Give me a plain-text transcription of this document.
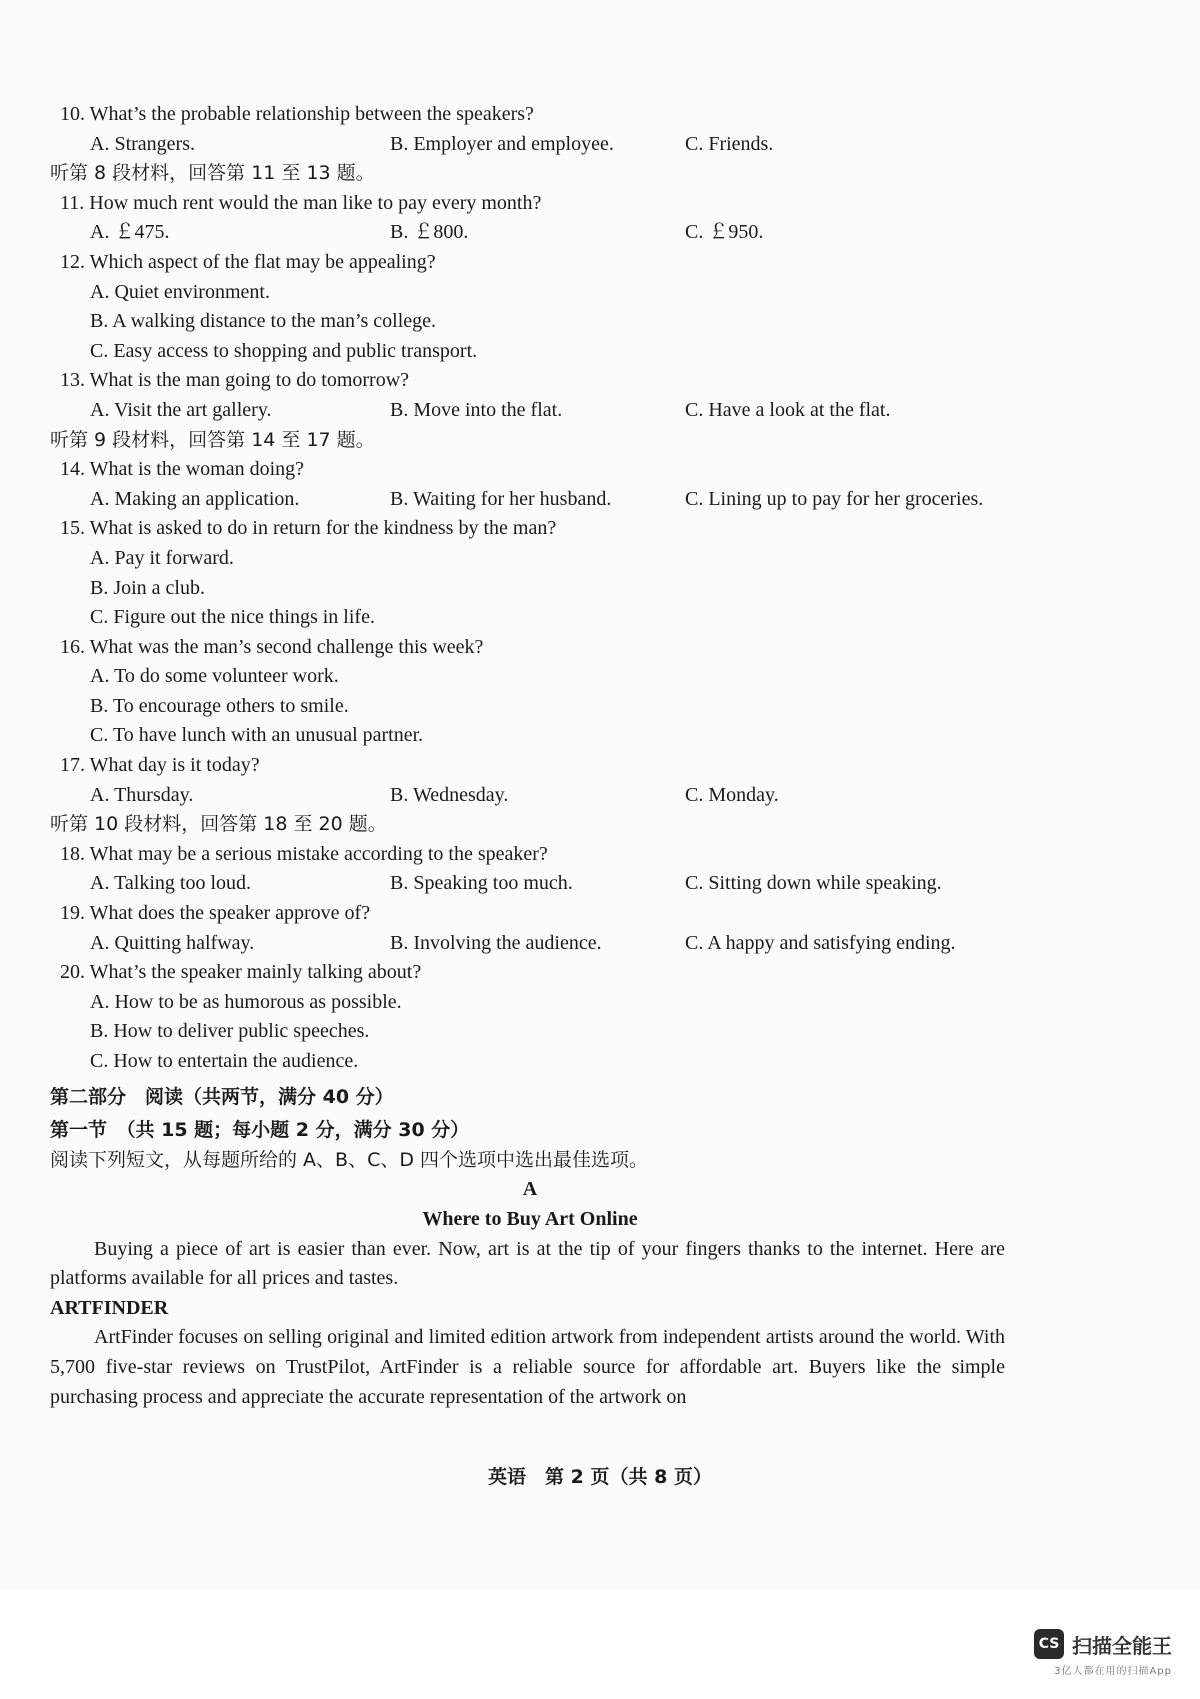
10. What’s the probable relationship between the speakers?
A. Strangers.	B. Employer and employee.	C. Friends.
听第 8 段材料，回答第 11 至 13 题。
11. How much rent would the man like to pay every month?
A. ￡475.	B. ￡800.	C. ￡950.
12. Which aspect of the flat may be appealing?
A. Quiet environment.
B. A walking distance to the man’s college.
C. Easy access to shopping and public transport.
13. What is the man going to do tomorrow?
A. Visit the art gallery.	B. Move into the flat.	C. Have a look at the flat.
听第 9 段材料，回答第 14 至 17 题。
14. What is the woman doing?
A. Making an application.	B. Waiting for her husband.	C. Lining up to pay for her groceries.
15. What is asked to do in return for the kindness by the man?
A. Pay it forward.
B. Join a club.
C. Figure out the nice things in life.
16. What was the man’s second challenge this week?
A. To do some volunteer work.
B. To encourage others to smile.
C. To have lunch with an unusual partner.
17. What day is it today?
A. Thursday.	B. Wednesday.	C. Monday.
听第 10 段材料，回答第 18 至 20 题。
18. What may be a serious mistake according to the speaker?
A. Talking too loud.	B. Speaking too much.	C. Sitting down while speaking.
19. What does the speaker approve of?
A. Quitting halfway.	B. Involving the audience.	C. A happy and satisfying ending.
20. What’s the speaker mainly talking about?
A. How to be as humorous as possible.
B. How to deliver public speeches.
C. How to entertain the audience.
第二部分　阅读（共两节，满分 40 分）
第一节　（共 15 题；每小题 2 分，满分 30 分）
阅读下列短文，从每题所给的 A、B、C、D 四个选项中选出最佳选项。
A
Where to Buy Art Online
Buying a piece of art is easier than ever. Now, art is at the tip of your fingers thanks to the internet. Here are platforms available for all prices and tastes.
ARTFINDER
ArtFinder focuses on selling original and limited edition artwork from independent artists around the world. With 5,700 five-star reviews on TrustPilot, ArtFinder is a reliable source for affordable art. Buyers like the simple purchasing process and appreciate the accurate representation of the artwork on
英语　第 2 页（共 8 页）
CS 扫描全能王
3亿人都在用的扫描App
